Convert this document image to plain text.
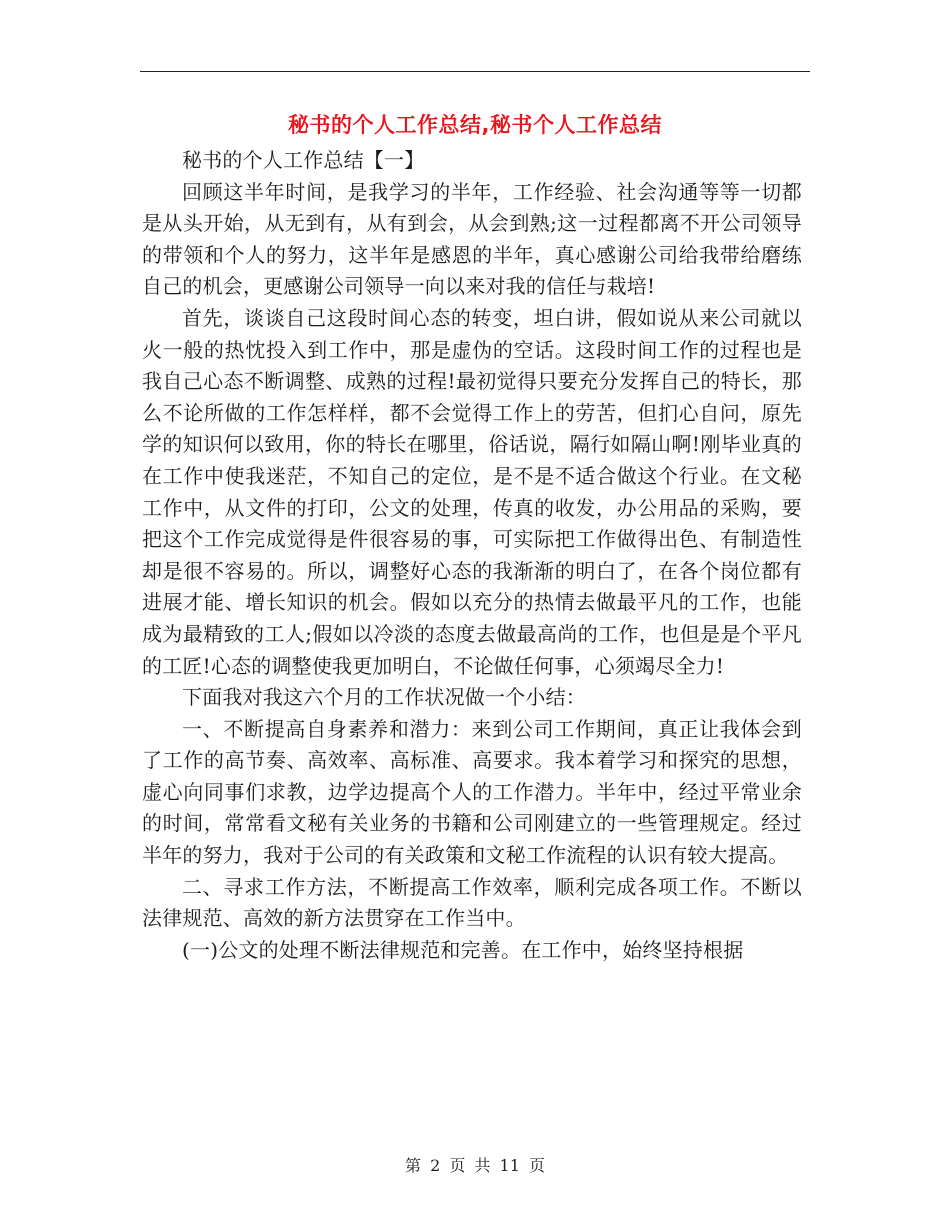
秘书的个人工作总结,秘书个人工作总结

秘书的个人工作总结【一】

回顾这半年时间，是我学习的半年，工作经验、社会沟通等等一切都是从头开始，从无到有，从有到会，从会到熟;这一过程都离不开公司领导的带领和个人的努力，这半年是感恩的半年，真心感谢公司给我带给磨练自己的机会，更感谢公司领导一向以来对我的信任与栽培!

首先，谈谈自己这段时间心态的转变，坦白讲，假如说从来公司就以火一般的热忱投入到工作中，那是虚伪的空话。这段时间工作的过程也是我自己心态不断调整、成熟的过程!最初觉得只要充分发挥自己的特长，那么不论所做的工作怎样样，都不会觉得工作上的劳苦，但扪心自问，原先学的知识何以致用，你的特长在哪里，俗话说，隔行如隔山啊!刚毕业真的在工作中使我迷茫，不知自己的定位，是不是不适合做这个行业。在文秘工作中，从文件的打印，公文的处理，传真的收发，办公用品的采购，要把这个工作完成觉得是件很容易的事，可实际把工作做得出色、有制造性却是很不容易的。所以，调整好心态的我渐渐的明白了，在各个岗位都有进展才能、增长知识的机会。假如以充分的热情去做最平凡的工作，也能成为最精致的工人;假如以冷淡的态度去做最高尚的工作，也但是是个平凡的工匠!心态的调整使我更加明白，不论做任何事，心须竭尽全力!

下面我对我这六个月的工作状况做一个小结：

一、不断提高自身素养和潜力：来到公司工作期间，真正让我体会到了工作的高节奏、高效率、高标准、高要求。我本着学习和探究的思想，虚心向同事们求教，边学边提高个人的工作潜力。半年中，经过平常业余的时间，常常看文秘有关业务的书籍和公司刚建立的一些管理规定。经过半年的努力，我对于公司的有关政策和文秘工作流程的认识有较大提高。

二、寻求工作方法，不断提高工作效率，顺利完成各项工作。不断以法律规范、高效的新方法贯穿在工作当中。

(一)公文的处理不断法律规范和完善。在工作中，始终坚持根据

第 2 页 共 11 页
